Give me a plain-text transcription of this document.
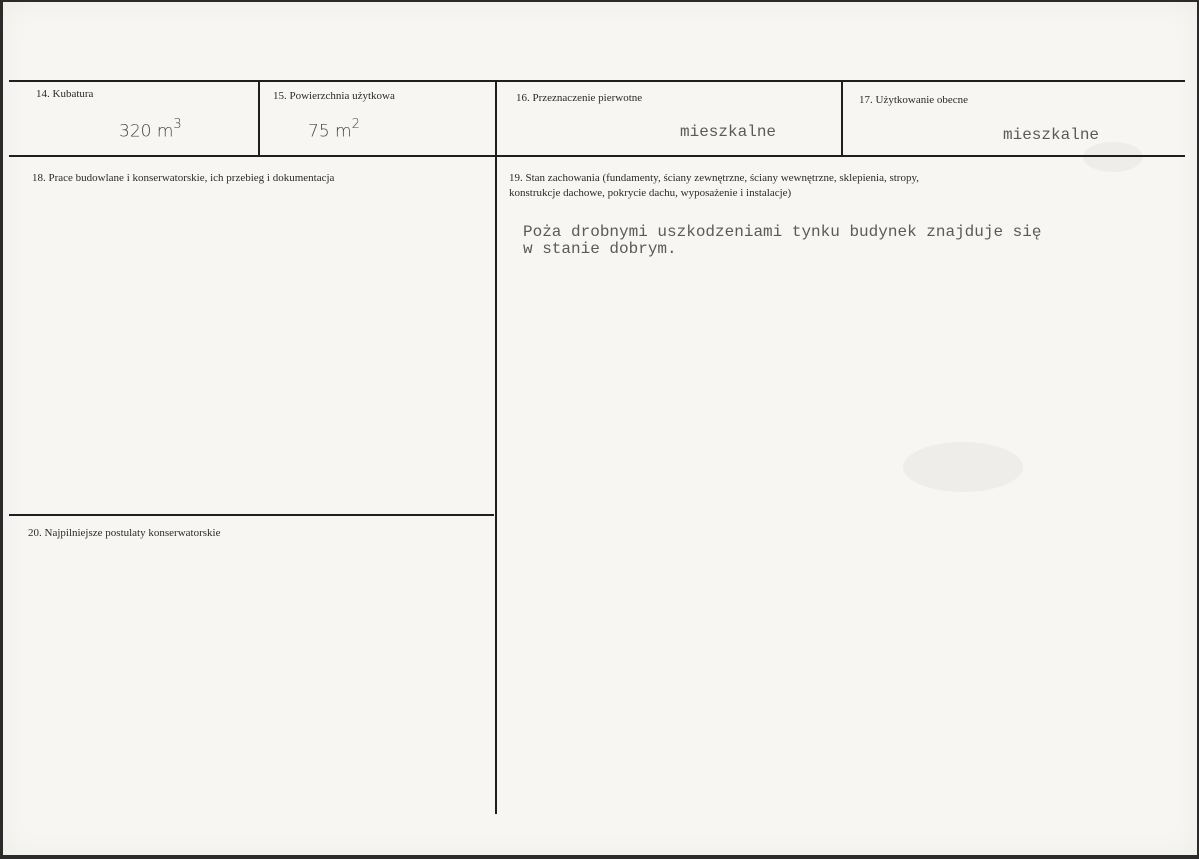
14. Kubatura
320 $m^3$
15. Powierzchnia użytkowa
75 $m^2$
16. Przeznaczenie pierwotne
mieszkalne
17. Użytkowanie obecne
mieszkalne
18. Prace budowlane i konserwatorskie, ich przebieg i dokumentacja	19. Stan zachowania (fundamenty, ściany zewnętrzne, ściany wewnętrzne, sklepienia, stropy,
konstrukcje dachowe, pokrycie dachu, wyposażenie i instalacje)
Poża drobnymi uszkodzeniami tynku budynek znajduje się
w stanie dobrym.
20. Najpilniejsze postulaty konserwatorskie
